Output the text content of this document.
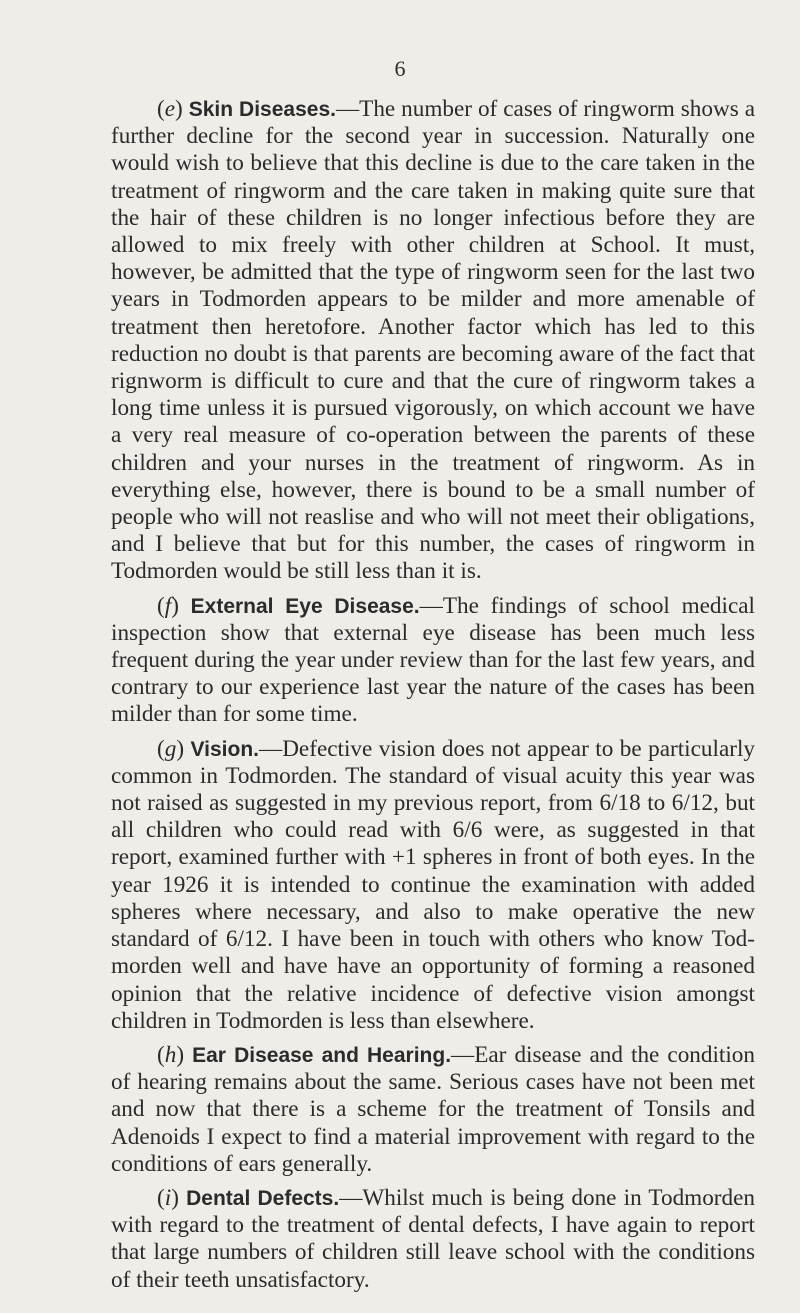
6

(e) Skin Diseases.—The number of cases of ringworm shows a further decline for the second year in succession. Naturally one would wish to believe that this decline is due to the care taken in the treatment of ringworm and the care taken in making quite sure that the hair of these children is no longer infectious before they are allowed to mix freely with other children at School. It must, however, be admitted that the type of ringworm seen for the last two years in Todmorden appears to be milder and more amenable of treatment then heretofore. Another factor which has led to this reduction no doubt is that parents are becoming aware of the fact that rignworm is difficult to cure and that the cure of ringworm takes a long time unless it is pursued vigorously, on which account we have a very real measure of co-operation between the parents of these children and your nurses in the treatment of ringworm. As in everything else, however, there is bound to be a small number of people who will not reaslise and who will not meet their obligations, and I believe that but for this number, the cases of ringworm in Todmorden would be still less than it is.

(f) External Eye Disease.—The findings of school medical inspection show that external eye disease has been much less frequent during the year under review than for the last few years, and contrary to our experience last year the nature of the cases has been milder than for some time.

(g) Vision.—Defective vision does not appear to be particularly common in Todmorden. The standard of visual acuity this year was not raised as suggested in my previous report, from 6/18 to 6/12, but all children who could read with 6/6 were, as suggested in that report, examined further with +1 spheres in front of both eyes. In the year 1926 it is intended to continue the examination with added spheres where necessary, and also to make operative the new standard of 6/12. I have been in touch with others who know Todmorden well and have have an opportunity of forming a reasoned opinion that the relative incidence of defective vision amongst children in Todmorden is less than elsewhere.

(h) Ear Disease and Hearing.—Ear disease and the condition of hearing remains about the same. Serious cases have not been met and now that there is a scheme for the treatment of Tonsils and Adenoids I expect to find a material improvement with regard to the conditions of ears generally.

(i) Dental Defects.—Whilst much is being done in Todmorden with regard to the treatment of dental defects, I have again to report that large numbers of children still leave school with the conditions of their teeth unsatisfactory.
